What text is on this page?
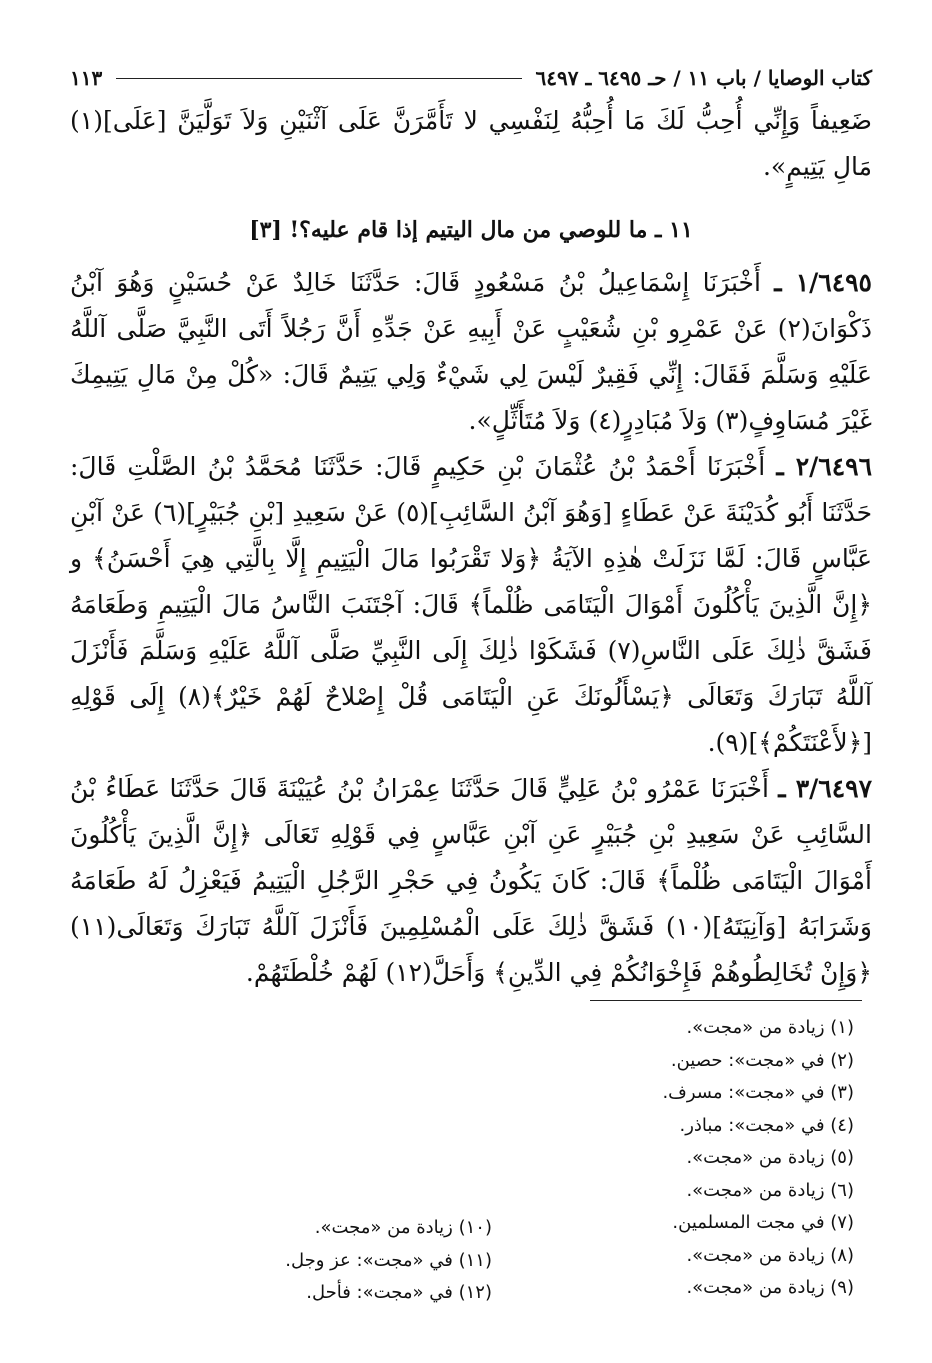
كتاب الوصايا / باب ١١ / حـ ٦٤٩٥ ـ ٦٤٩٧
١١٣

ضَعِيفاً وَإِنِّي أُحِبُّ لَكَ مَا أُحِبُّهُ لِنَفْسِي لا تَأَمَّرَنَّ عَلَى آثْنَيْنِ وَلاَ تَوَلَّيَنَّ [عَلَى](١) مَالِ يَتِيمٍ».

١١ ـ ما للوصي من مال اليتيم إذا قام عليه؟! [٣]

١/٦٤٩٥ ـ أَخْبَرَنَا إِسْمَاعِيلُ بْنُ مَسْعُودٍ قَالَ: حَدَّثَنَا خَالِدٌ عَنْ حُسَيْنٍ وَهُوَ آبْنُ ذَكْوَانَ(٢) عَنْ عَمْرِو بْنِ شُعَيْبٍ عَنْ أَبِيهِ عَنْ جَدِّهِ أَنَّ رَجُلاً أَتَى النَّبِيَّ صَلَّى آللَّهُ عَلَيْهِ وَسَلَّمَ فَقَالَ: إِنِّي فَقِيرٌ لَيْسَ لِي شَيْءٌ وَلِي يَتِيمٌ قَالَ: «كُلْ مِنْ مَالِ يَتِيمِكَ غَيْرَ مُسَاوِفٍ(٣) وَلاَ مُبَادِرٍ(٤) وَلاَ مُتَأَثِّلٍ».

٢/٦٤٩٦ ـ أَخْبَرَنَا أَحْمَدُ بْنُ عُثْمَانَ بْنِ حَكِيمٍ قَالَ: حَدَّثَنَا مُحَمَّدُ بْنُ الصَّلْتِ قَالَ: حَدَّثَنَا أَبُو كُدَيْنَةَ عَنْ عَطَاءٍ [وَهُوَ آبْنُ السَّائِبِ](٥) عَنْ سَعِيدِ [بْنِ جُبَيْرٍ](٦) عَنْ آبْنِ عَبَّاسٍ قَالَ: لَمَّا نَزَلَتْ هٰذِهِ الآيَةُ ﴿وَلا تَقْرَبُوا مَالَ الْيَتِيمِ إِلَّا بِالَّتِي هِيَ أَحْسَنُ﴾ و ﴿إِنَّ الَّذِينَ يَأْكُلُونَ أَمْوَالَ الْيَتَامَى ظُلْماً﴾ قَالَ: آجْتَنَبَ النَّاسُ مَالَ الْيَتِيمِ وَطَعَامَهُ فَشَقَّ ذٰلِكَ عَلَى النَّاسِ(٧) فَشَكَوْا ذٰلِكَ إِلَى النَّبِيِّ صَلَّى آللَّهُ عَلَيْهِ وَسَلَّمَ فَأَنْزَلَ آللَّهُ تَبَارَكَ وَتَعَالَى ﴿يَسْأَلُونَكَ عَنِ الْيَتَامَى قُلْ إِصْلاحٌ لَهُمْ خَيْرٌ﴾(٨) إِلَى قَوْلِهِ [﴿لأَعْنَتَكُمْ﴾](٩).

٣/٦٤٩٧ ـ أَخْبَرَنَا عَمْرُو بْنُ عَلِيٍّ قَالَ حَدَّثَنَا عِمْرَانُ بْنُ عُيَيْنَةَ قَالَ حَدَّثَنَا عَطَاءُ بْنُ السَّائِبِ عَنْ سَعِيدِ بْنِ جُبَيْرٍ عَنِ آبْنِ عَبَّاسٍ فِي قَوْلِهِ تَعَالَى ﴿إِنَّ الَّذِينَ يَأْكُلُونَ أَمْوَالَ الْيَتَامَى ظُلْماً﴾ قَالَ: كَانَ يَكُونُ فِي حَجْرِ الرَّجُلِ الْيَتِيمُ فَيَعْزِلُ لَهُ طَعَامَهُ وَشَرَابَهُ [وَآنِيَتَهُ](١٠) فَشَقَّ ذٰلِكَ عَلَى الْمُسْلِمِينَ فَأَنْزَلَ آللَّهُ تَبَارَكَ وَتَعَالَى(١١) ﴿وَإِنْ تُخَالِطُوهُمْ فَإِخْوَانُكُمْ فِي الدِّينِ﴾ وَأَحَلَّ(١٢) لَهُمْ خُلْطَتَهُمْ.

(١) زيادة من «مجت».
(٢) في «مجت»: حصين.
(٣) في «مجت»: مسرف.
(٤) في «مجت»: مباذر.
(٥) زيادة من «مجت».
(٦) زيادة من «مجت».
(٧) في مجت المسلمين.
(٨) زيادة من «مجت».
(٩) زيادة من «مجت».
(١٠) زيادة من «مجت».
(١١) في «مجت»: عز وجل.
(١٢) في «مجت»: فأحل.
